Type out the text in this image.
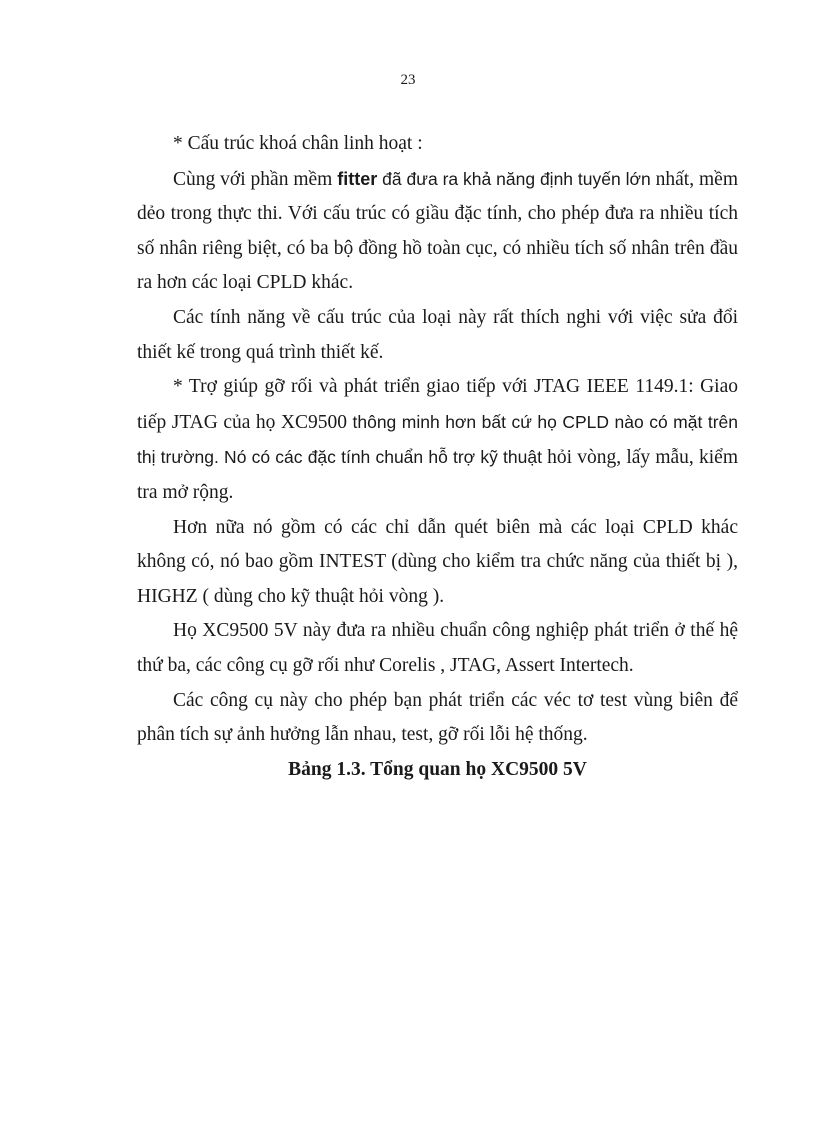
23

* Cấu trúc khoá chân linh hoạt :

Cùng với phần mềm fitter đã đưa ra khả năng định tuyến lớn nhất, mềm dẻo trong thực thi. Với cấu trúc có giầu đặc tính, cho phép đưa ra nhiều tích số nhân riêng biệt, có ba bộ đồng hồ toàn cục, có nhiều tích số nhân trên đầu ra hơn các loại CPLD khác.

Các tính năng về cấu trúc của loại này rất thích nghi với việc sửa đổi thiết kế trong quá trình thiết kế.

* Trợ giúp gỡ rối và phát triển giao tiếp với JTAG IEEE 1149.1: Giao tiếp JTAG của họ XC9500 thông minh hơn bất cứ họ CPLD nào có mặt trên thị trường. Nó có các đặc tính chuẩn hỗ trợ kỹ thuật hỏi vòng, lấy mẫu, kiểm tra mở rộng.

Hơn nữa nó gồm có các chỉ dẫn quét biên mà các loại CPLD khác không có, nó bao gồm INTEST (dùng cho kiểm tra chức năng của thiết bị ), HIGHZ ( dùng cho kỹ thuật hỏi vòng ).

Họ XC9500 5V này đưa ra nhiều chuẩn công nghiệp phát triển ở thế hệ thứ ba, các công cụ gỡ rối như Corelis , JTAG, Assert Intertech.

Các công cụ này cho phép bạn phát triển các véc tơ test vùng biên để phân tích sự ảnh hưởng lẫn nhau, test, gỡ rối lỗi hệ thống.

Bảng 1.3. Tổng quan họ XC9500 5V
